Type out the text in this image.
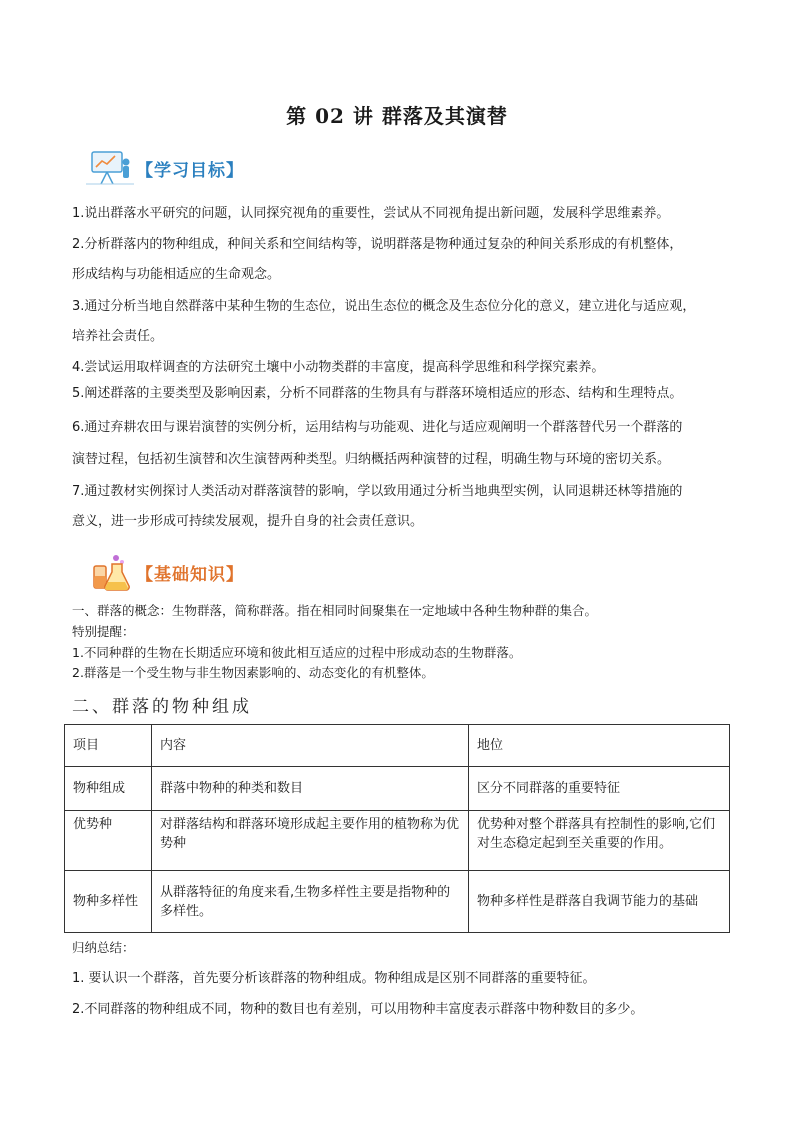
第 02 讲 群落及其演替
【学习目标】
1.说出群落水平研究的问题，认同探究视角的重要性，尝试从不同视角提出新问题，发展科学思维素养。
2.分析群落内的物种组成，种间关系和空间结构等，说明群落是物种通过复杂的种间关系形成的有机整体，
形成结构与功能相适应的生命观念。
3.通过分析当地自然群落中某种生物的生态位，说出生态位的概念及生态位分化的意义，建立进化与适应观，
培养社会责任。
4.尝试运用取样调查的方法研究土壤中小动物类群的丰富度，提高科学思维和科学探究素养。
5.阐述群落的主要类型及影响因素，分析不同群落的生物具有与群落环境相适应的形态、结构和生理特点。
6.通过弃耕农田与课岩演替的实例分析，运用结构与功能观、进化与适应观阐明一个群落替代另一个群落的
演替过程，包括初生演替和次生演替两种类型。归纳概括两种演替的过程，明确生物与环境的密切关系。
7.通过教材实例探讨人类活动对群落演替的影响，学以致用通过分析当地典型实例，认同退耕还林等措施的
意义，进一步形成可持续发展观，提升自身的社会责任意识。
【基础知识】
一、群落的概念：生物群落，简称群落。指在相同时间聚集在一定地域中各种生物种群的集合。
特别提醒：
1.不同种群的生物在长期适应环境和彼此相互适应的过程中形成动态的生物群落。
2.群落是一个受生物与非生物因素影响的、动态变化的有机整体。
二、群落的物种组成
项目	内容	地位
物种组成	群落中物种的种类和数目	区分不同群落的重要特征
优势种	对群落结构和群落环境形成起主要作用的植物称为优势种	优势种对整个群落具有控制性的影响,它们对生态稳定起到至关重要的作用。
物种多样性	从群落特征的角度来看,生物多样性主要是指物种的多样性。	物种多样性是群落自我调节能力的基础
归纳总结：
1. 要认识一个群落，首先要分析该群落的物种组成。物种组成是区别不同群落的重要特征。
2.不同群落的物种组成不同，物种的数目也有差别，可以用物种丰富度表示群落中物种数目的多少。
